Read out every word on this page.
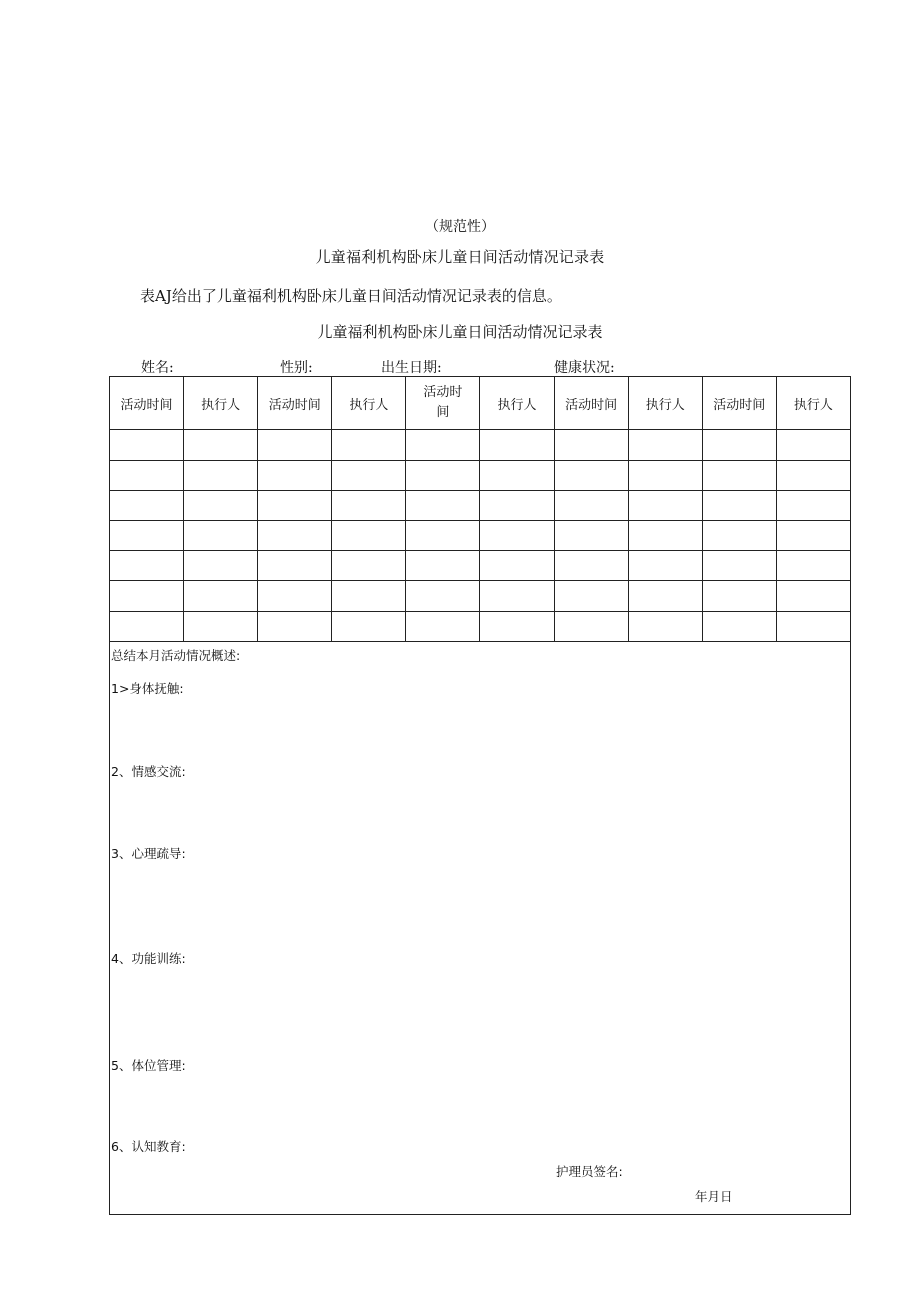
（规范性）
儿童福利机构卧床儿童日间活动情况记录表
表AJ给出了儿童福利机构卧床儿童日间活动情况记录表的信息。
儿童福利机构卧床儿童日间活动情况记录表
姓名:	性别:	出生日期:	健康状况:
活动时间	执行人	活动时间	执行人	活动时间	执行人	活动时间	执行人	活动时间	执行人

总结本月活动情况概述:
1>身体抚触:
2、情感交流:
3、心理疏导:
4、功能训练:
5、体位管理:
6、认知教育:
护理员签名:
年月日
